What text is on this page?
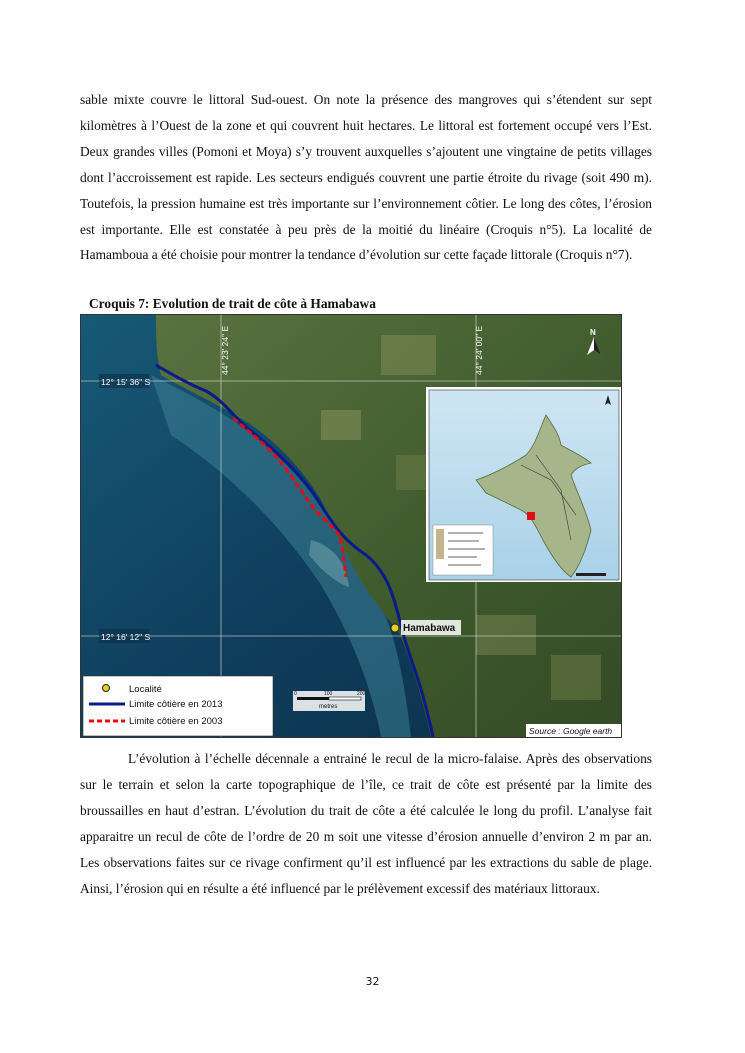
sable mixte couvre le littoral Sud-ouest. On note la présence des mangroves qui s’étendent sur sept kilomètres à l’Ouest de la zone et qui couvrent huit hectares. Le littoral est fortement occupé vers l’Est. Deux grandes villes (Pomoni et Moya) s’y trouvent auxquelles s’ajoutent une vingtaine de petits villages dont l’accroissement est rapide. Les secteurs endigués couvrent une partie étroite du rivage (soit 490 m). Toutefois, la pression humaine est très importante sur l’environnement côtier. Le long des côtes, l’érosion est importante. Elle est constatée à peu près de la moitié du linéaire (Croquis n°5). La localité de Hamamboua a été choisie pour montrer la tendance d’évolution sur cette façade littorale (Croquis n°7).
Croquis 7: Evolution de trait de côte à Hamabawa
12° 15' 36" S
12° 16' 12" S
44° 23' 24" E	44° 24' 00" E	N
Hamabawa
Localité
Limite côtière en 2013
Limite côtière en 2003
0	100	200
metres
Source : Google earth
L’évolution à l’échelle décennale a entrainé le recul de la micro-falaise. Après des observations sur le terrain et selon la carte topographique de l’île, ce trait de côte est présenté par la limite des broussailles en haut d’estran. L’évolution du trait de côte a été calculée le long du profil. L’analyse fait apparaitre un recul de côte de l’ordre de 20 m soit une vitesse d’érosion annuelle d’environ 2 m par an. Les observations faites sur ce rivage confirment qu’il est influencé par les extractions du sable de plage. Ainsi, l’érosion qui en résulte a été influencé par le prélèvement excessif des matériaux littoraux.
32
